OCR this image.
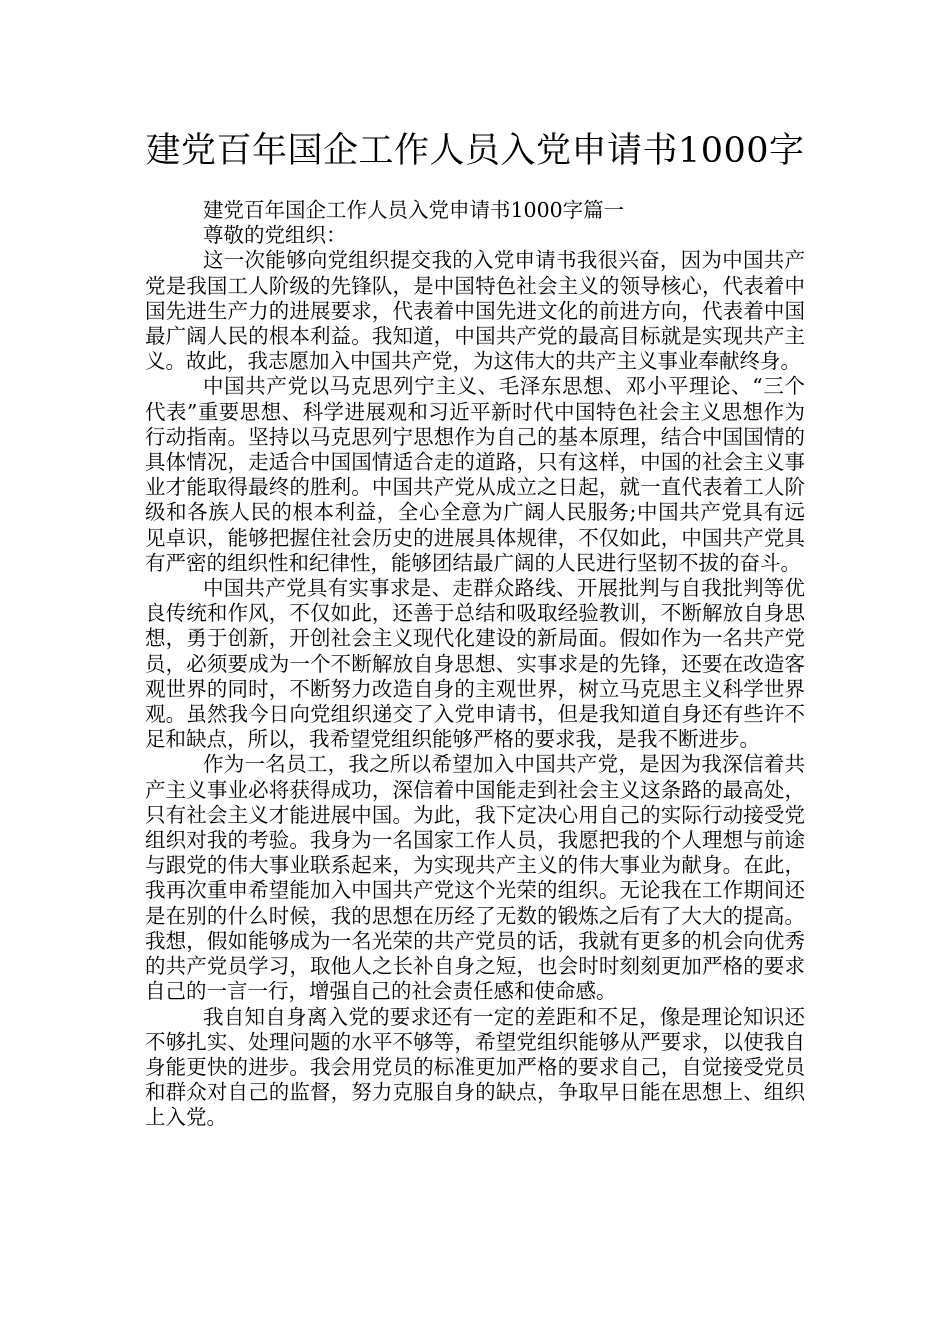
建党百年国企工作人员入党申请书1000字

建党百年国企工作人员入党申请书1000字篇一

尊敬的党组织：

这一次能够向党组织提交我的入党申请书我很兴奋，因为中国共产党是我国工人阶级的先锋队，是中国特色社会主义的领导核心，代表着中国先进生产力的进展要求，代表着中国先进文化的前进方向，代表着中国最广阔人民的根本利益。我知道，中国共产党的最高目标就是实现共产主义。故此，我志愿加入中国共产党，为这伟大的共产主义事业奉献终身。

中国共产党以马克思列宁主义、毛泽东思想、邓小平理论、“三个代表”重要思想、科学进展观和习近平新时代中国特色社会主义思想作为行动指南。坚持以马克思列宁思想作为自己的基本原理，结合中国国情的具体情况，走适合中国国情适合走的道路，只有这样，中国的社会主义事业才能取得最终的胜利。中国共产党从成立之日起，就一直代表着工人阶级和各族人民的根本利益，全心全意为广阔人民服务;中国共产党具有远见卓识，能够把握住社会历史的进展具体规律，不仅如此，中国共产党具有严密的组织性和纪律性，能够团结最广阔的人民进行坚韧不拔的奋斗。

中国共产党具有实事求是、走群众路线、开展批判与自我批判等优良传统和作风，不仅如此，还善于总结和吸取经验教训，不断解放自身思想，勇于创新，开创社会主义现代化建设的新局面。假如作为一名共产党员，必须要成为一个不断解放自身思想、实事求是的先锋，还要在改造客观世界的同时，不断努力改造自身的主观世界，树立马克思主义科学世界观。虽然我今日向党组织递交了入党申请书，但是我知道自身还有些许不足和缺点，所以，我希望党组织能够严格的要求我，是我不断进步。

作为一名员工，我之所以希望加入中国共产党，是因为我深信着共产主义事业必将获得成功，深信着中国能走到社会主义这条路的最高处，只有社会主义才能进展中国。为此，我下定决心用自己的实际行动接受党组织对我的考验。我身为一名国家工作人员，我愿把我的个人理想与前途与跟党的伟大事业联系起来，为实现共产主义的伟大事业为献身。在此，我再次重申希望能加入中国共产党这个光荣的组织。无论我在工作期间还是在别的什么时候，我的思想在历经了无数的锻炼之后有了大大的提高。我想，假如能够成为一名光荣的共产党员的话，我就有更多的机会向优秀的共产党员学习，取他人之长补自身之短，也会时时刻刻更加严格的要求自己的一言一行，增强自己的社会责任感和使命感。

我自知自身离入党的要求还有一定的差距和不足，像是理论知识还不够扎实、处理问题的水平不够等，希望党组织能够从严要求，以使我自身能更快的进步。我会用党员的标准更加严格的要求自己，自觉接受党员和群众对自己的监督，努力克服自身的缺点，争取早日能在思想上、组织上入党。
